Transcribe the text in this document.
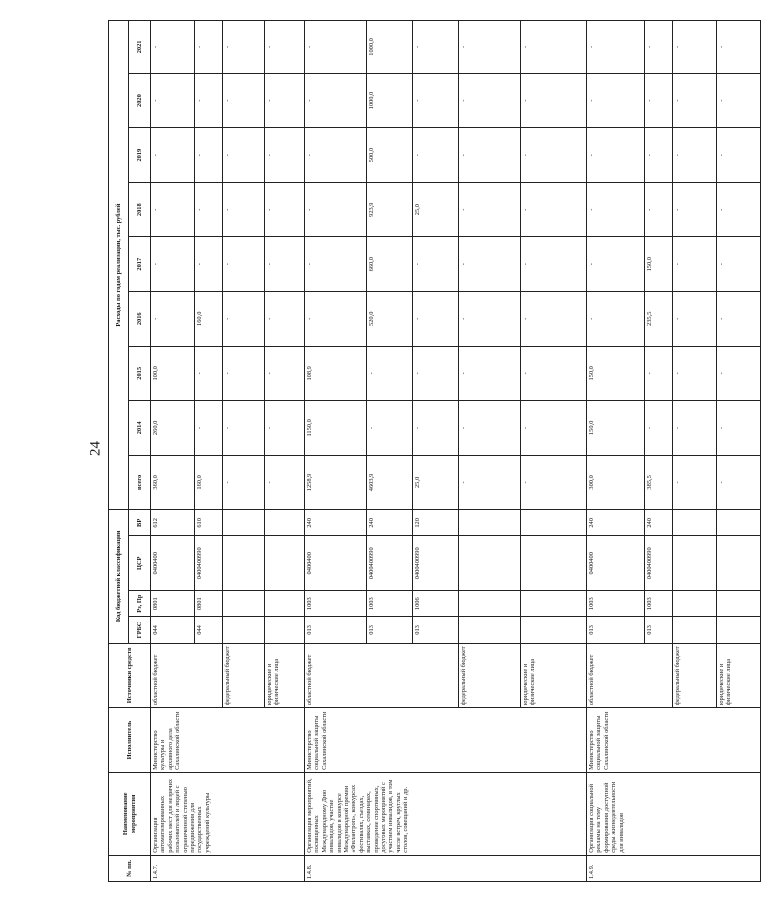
24
№ пп.	Наименование мероприятия	Исполнитель	Источники средств	Код бюджетной классификации				Расходы по годам реализации, тыс. рублей								
				ГРБС	Рз, Пр	ЦСР	ВР	всего	2014	2015	2016	2017	2018	2019	2020	2021
1.4.7.	Организация автоматизированных рабочих мест для незрячих пользователей и людей с ограниченной степенью передвижения для государственных учреждений культуры	Министерство культуры и архивного дела Сахалинской области	областной бюджет	044	0801	0400400	612	360,0	260,0	100,0	-	-	-	-	-	-
				044	0801	0400400990	610	160,0	-	-	160,0	-	-	-	-	-
			федеральный бюджет					-	-	-	-	-	-	-	-	-
			юридические и физические лица					-	-	-	-	-	-	-	-	-
1.4.8.	Организация мероприятий, посвященных Международному Дню инвалидов, участие инвалидов в конкурсе Международной премии «Филантроп», конкурсах фестивалях, съездах, выставках, семинарах, проведение спортивных, досуговых мероприятий с участием инвалидов, в том числе встреч, круглых столов, совещаний и др.	Министерство социальной защиты Сахалинской области	областной бюджет	013	1003	0400400	240	1258,9	1150,0	108,9	-	-	-	-	-	-
				013	1003	0400400990	240	4603,9	-	-	520,0	660,0	923,9	500,0	1000,0	1000,0
				013	1006	0400400990	120	25,0	-	-	-	-	25,0	-	-	-
			федеральный бюджет					-	-	-	-	-	-	-	-	-
			юридические и физические лица					-	-	-	-	-	-	-	-	-
1.4.9.	Организация социальной рекламы на тему формирования доступной среды жизнедеятельности для инвалидов	Министерство социальной защиты Сахалинской области	областной бюджет	013	1003	0400400	240	300,0	150,0	150,0	-	-	-	-	-	-
				013	1003	0400400990	240	385,5	-	-	235,5	150,0	-	-	-	-
			федеральный бюджет					-	-	-	-	-	-	-	-	-
			юридические и физические лица					-	-	-	-	-	-	-	-	-
